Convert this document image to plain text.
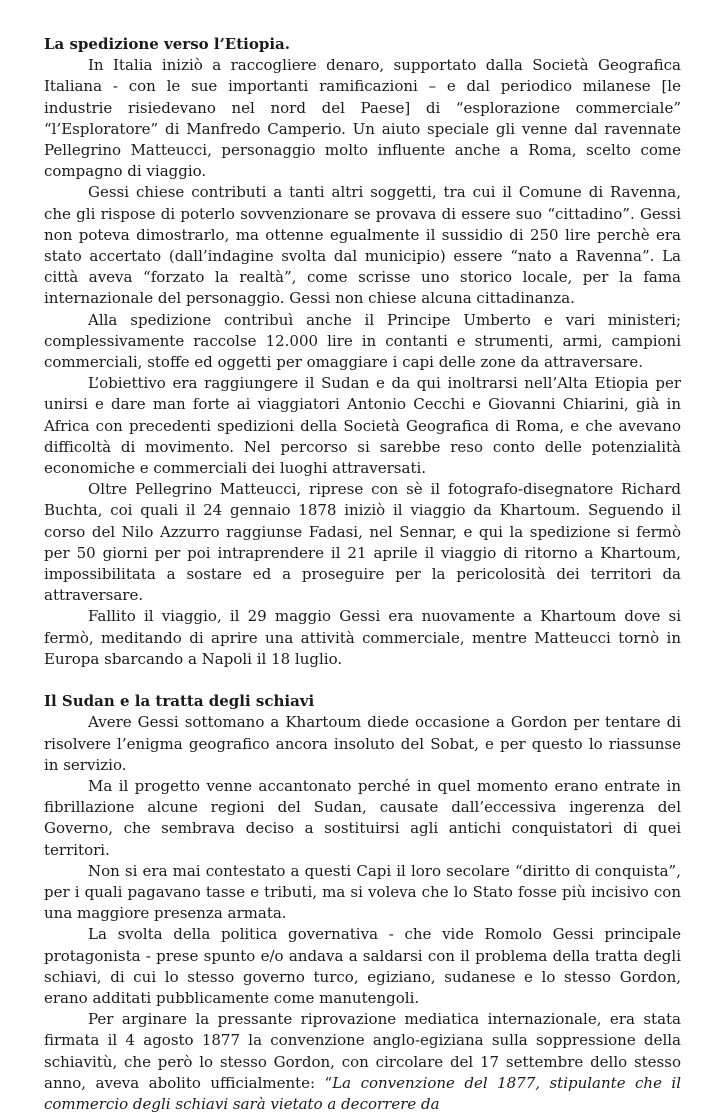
La spedizione verso l’Etiopia.

In Italia iniziò a raccogliere denaro, supportato dalla Società Geografica Italiana - con le sue importanti ramificazioni – e dal periodico milanese [le industrie risiedevano nel nord del Paese] di “esplorazione commerciale” “l’Esploratore” di Manfredo Camperio. Un aiuto speciale gli venne dal ravennate Pellegrino Matteucci, personaggio molto influente anche a Roma, scelto come compagno di viaggio.

Gessi chiese contributi a tanti altri soggetti, tra cui il Comune di Ravenna, che gli rispose di poterlo sovvenzionare se provava di essere suo “cittadino”. Gessi non poteva dimostrarlo, ma ottenne egualmente il sussidio di 250 lire perchè era stato accertato (dall’indagine svolta dal municipio) essere “nato a Ravenna”. La città aveva “forzato la realtà”, come scrisse uno storico locale, per la fama internazionale del personaggio. Gessi non chiese alcuna cittadinanza.

Alla spedizione contribuì anche il Principe Umberto e vari ministeri; complessivamente raccolse 12.000 lire in contanti e strumenti, armi, campioni commerciali, stoffe ed oggetti per omaggiare i capi delle zone da attraversare.

L’obiettivo era raggiungere il Sudan e da qui inoltrarsi nell’Alta Etiopia per unirsi e dare man forte ai viaggiatori Antonio Cecchi e Giovanni Chiarini, già in Africa con precedenti spedizioni della Società Geografica di Roma, e che avevano difficoltà di movimento. Nel percorso si sarebbe reso conto delle potenzialità economiche e commerciali dei luoghi attraversati.

Oltre Pellegrino Matteucci, riprese con sè il fotografo-disegnatore Richard Buchta, coi quali il 24 gennaio 1878 iniziò il viaggio da Khartoum. Seguendo il corso del Nilo Azzurro raggiunse Fadasi, nel Sennar, e qui la spedizione si fermò per 50 giorni per poi intraprendere il 21 aprile il viaggio di ritorno a Khartoum, impossibilitata a sostare ed a proseguire per la pericolosità dei territori da attraversare.

Fallito il viaggio, il 29 maggio Gessi era nuovamente a Khartoum dove si fermò, meditando di aprire una attività commerciale, mentre Matteucci tornò in Europa sbarcando a Napoli il 18 luglio.

Il Sudan e la tratta degli schiavi

Avere Gessi sottomano a Khartoum diede occasione a Gordon per tentare di risolvere l’enigma geografico ancora insoluto del Sobat, e per questo lo riassunse in servizio.

Ma il progetto venne accantonato perché in quel momento erano entrate in fibrillazione alcune regioni del Sudan, causate dall’eccessiva ingerenza del Governo, che sembrava deciso a sostituirsi agli antichi conquistatori di quei territori.

Non si era mai contestato a questi Capi il loro secolare “diritto di conquista”, per i quali pagavano tasse e tributi, ma si voleva che lo Stato fosse più incisivo con una maggiore presenza armata.

La svolta della politica governativa - che vide Romolo Gessi principale protagonista - prese spunto e/o andava a saldarsi con il problema della tratta degli schiavi, di cui lo stesso governo turco, egiziano, sudanese e lo stesso Gordon, erano additati pubblicamente come manutengoli.

Per arginare la pressante riprovazione mediatica internazionale, era stata firmata il 4 agosto 1877 la convenzione anglo-egiziana sulla soppressione della schiavitù, che però lo stesso Gordon, con circolare del 17 settembre dello stesso anno, aveva abolito ufficialmente: “La convenzione del 1877, stipulante che il commercio degli schiavi sarà vietato a decorrere da
